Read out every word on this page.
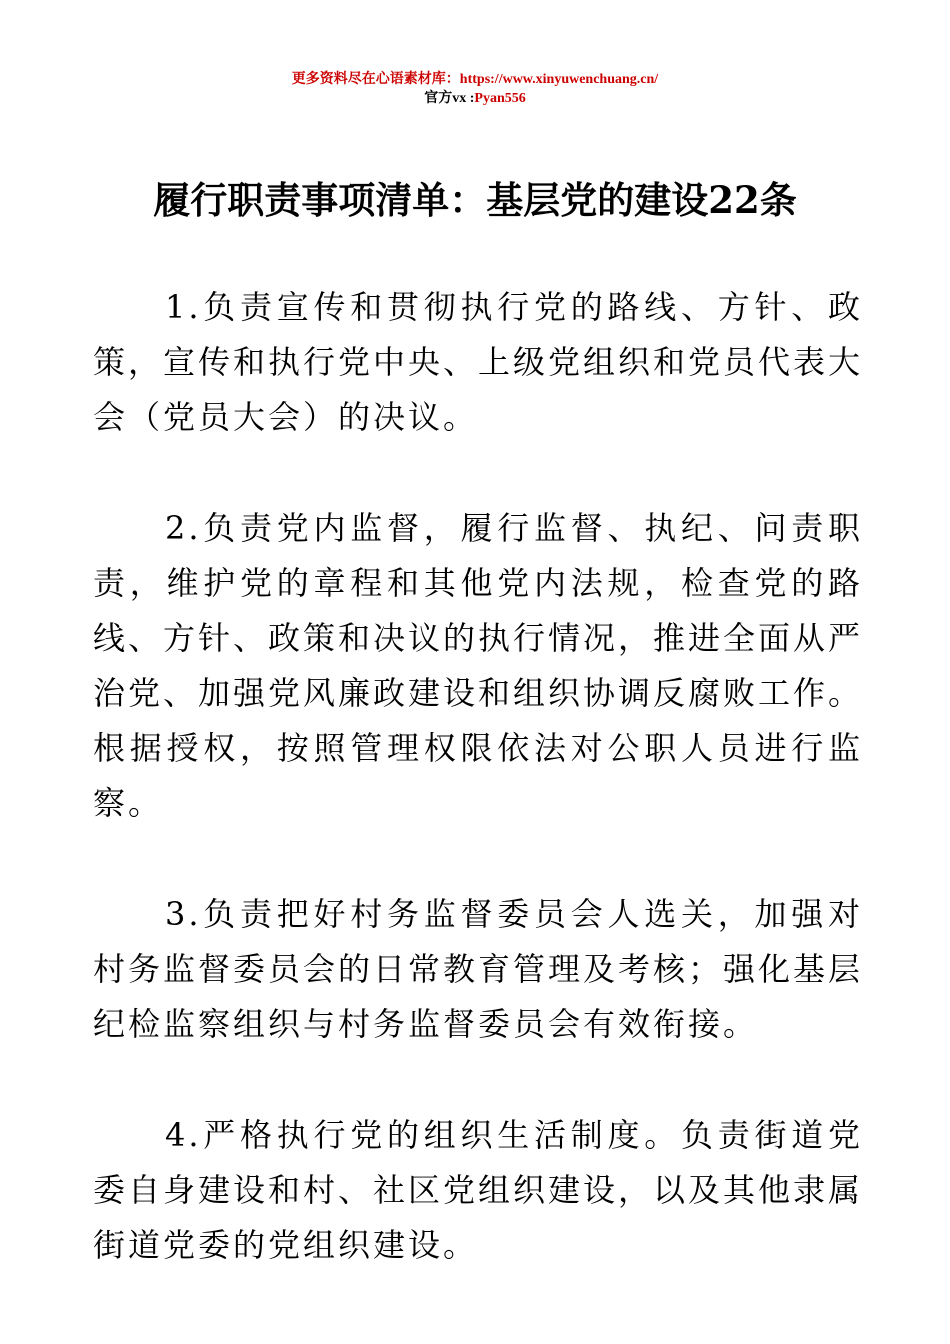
更多资料尽在心语素材库：https://www.xinyuwenchuang.cn/
官方vx :Pyan556
履行职责事项清单：基层党的建设22条

1.负责宣传和贯彻执行党的路线、方针、政策，宣传和执行党中央、上级党组织和党员代表大会（党员大会）的决议。

2.负责党内监督，履行监督、执纪、问责职责，维护党的章程和其他党内法规，检查党的路线、方针、政策和决议的执行情况，推进全面从严治党、加强党风廉政建设和组织协调反腐败工作。根据授权，按照管理权限依法对公职人员进行监察。

3.负责把好村务监督委员会人选关，加强对村务监督委员会的日常教育管理及考核；强化基层纪检监察组织与村务监督委员会有效衔接。

4.严格执行党的组织生活制度。负责街道党委自身建设和村、社区党组织建设，以及其他隶属街道党委的党组织建设。
